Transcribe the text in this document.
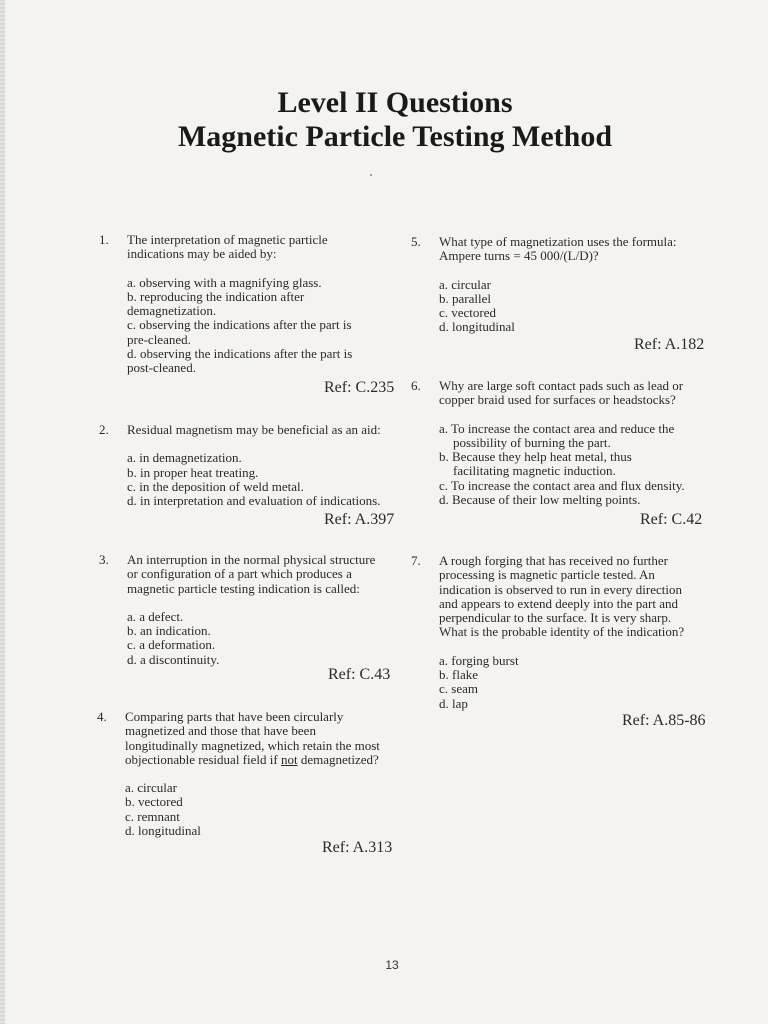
Level II Questions
Magnetic Particle Testing Method
1. The interpretation of magnetic particle
indications may be aided by:
a. observing with a magnifying glass.
b. reproducing the indication after
demagnetization.
c. observing the indications after the part is
pre-cleaned.
d. observing the indications after the part is
post-cleaned.
Ref: C.235
2. Residual magnetism may be beneficial as an aid:
a. in demagnetization.
b. in proper heat treating.
c. in the deposition of weld metal.
d. in interpretation and evaluation of indications.
Ref: A.397
3. An interruption in the normal physical structure
or configuration of a part which produces a
magnetic particle testing indication is called:
a. a defect.
b. an indication.
c. a deformation.
d. a discontinuity.
Ref: C.43
4. Comparing parts that have been circularly
magnetized and those that have been
longitudinally magnetized, which retain the most
objectionable residual field if not demagnetized?
a. circular
b. vectored
c. remnant
d. longitudinal
Ref: A.313
5. What type of magnetization uses the formula:
Ampere turns = 45 000/(L/D)?
a. circular
b. parallel
c. vectored
d. longitudinal
Ref: A.182
6. Why are large soft contact pads such as lead or
copper braid used for surfaces or headstocks?
a. To increase the contact area and reduce the possibility of burning the part.
b. Because they help heat metal, thus facilitating magnetic induction.
c. To increase the contact area and flux density.
d. Because of their low melting points.
Ref: C.42
7. A rough forging that has received no further
processing is magnetic particle tested. An
indication is observed to run in every direction
and appears to extend deeply into the part and
perpendicular to the surface. It is very sharp.
What is the probable identity of the indication?
a. forging burst
b. flake
c. seam
d. lap
Ref: A.85-86
13
